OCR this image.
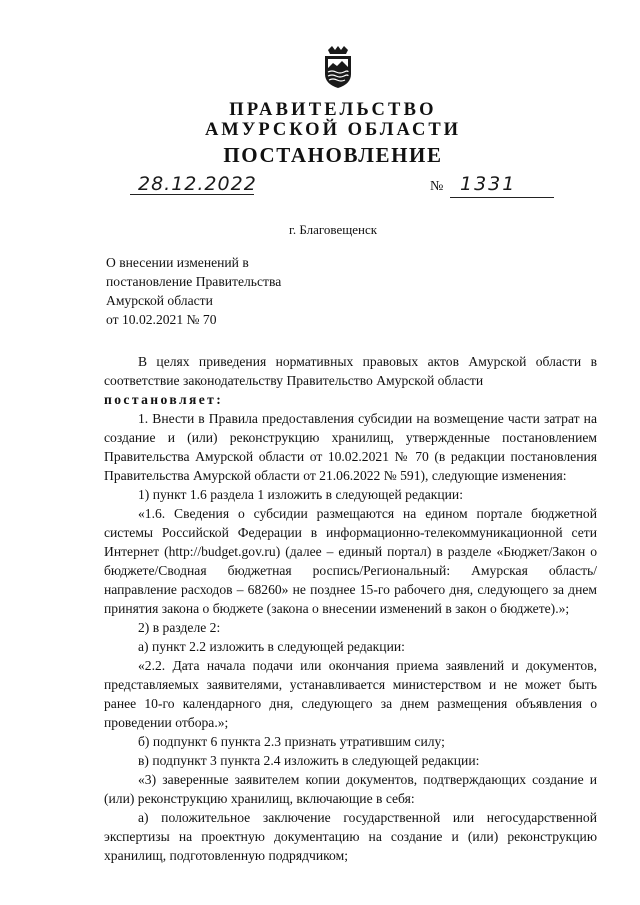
ПРАВИТЕЛЬСТВО
АМУРСКОЙ ОБЛАСТИ
ПОСТАНОВЛЕНИЕ
28.12.2022	№ 1331
г. Благовещенск
О внесении изменений в
постановление Правительства
Амурской области
от 10.02.2021 № 70

В целях приведения нормативных правовых актов Амурской области в соответствие законодательству Правительство Амурской области

постановляет:

1. Внести в Правила предоставления субсидии на возмещение части затрат на создание и (или) реконструкцию хранилищ, утвержденные постановлением Правительства Амурской области от 10.02.2021 № 70 (в редакции постановления Правительства Амурской области от 21.06.2022 № 591), следующие изменения:

1) пункт 1.6 раздела 1 изложить в следующей редакции:

«1.6. Сведения о субсидии размещаются на едином портале бюджетной системы Российской Федерации в информационно-телекоммуникационной сети Интернет (http://budget.gov.ru) (далее – единый портал) в разделе «Бюджет/Закон о бюджете/Сводная бюджетная роспись/Региональный: Амурская область/направление расходов – 68260» не позднее 15-го рабочего дня, следующего за днем принятия закона о бюджете (закона о внесении изменений в закон о бюджете).»;

2) в разделе 2:

а) пункт 2.2 изложить в следующей редакции:

«2.2. Дата начала подачи или окончания приема заявлений и документов, представляемых заявителями, устанавливается министерством и не может быть ранее 10-го календарного дня, следующего за днем размещения объявления о проведении отбора.»;

б) подпункт 6 пункта 2.3 признать утратившим силу;

в) подпункт 3 пункта 2.4 изложить в следующей редакции:

«3) заверенные заявителем копии документов, подтверждающих создание и (или) реконструкцию хранилищ, включающие в себя:

а) положительное заключение государственной или негосударственной экспертизы на проектную документацию на создание и (или) реконструкцию хранилищ, подготовленную подрядчиком;
